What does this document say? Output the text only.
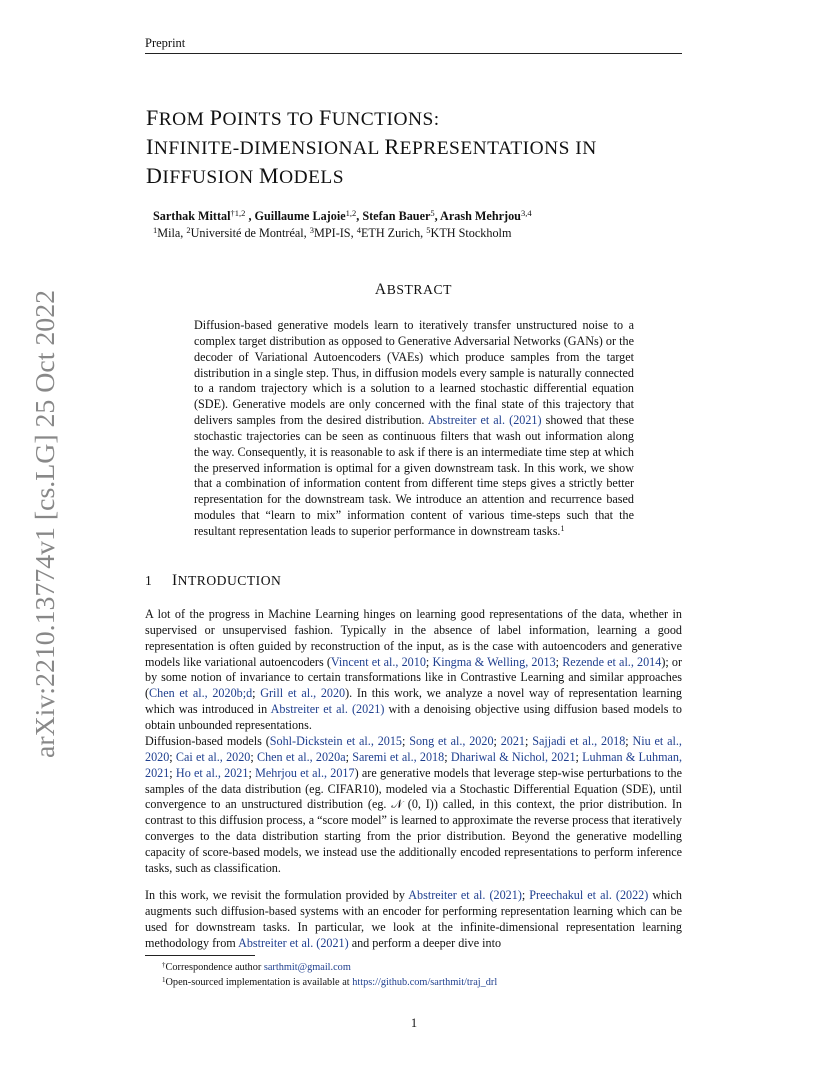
Preprint
arXiv:2210.13774v1 [cs.LG] 25 Oct 2022
FROM POINTS TO FUNCTIONS:
INFINITE-DIMENSIONAL REPRESENTATIONS IN
DIFFUSION MODELS
Sarthak Mittal$^{\dagger 1,2}$ , Guillaume Lajoie$^{1,2}$, Stefan Bauer$^5$, Arash Mehrjou$^{3,4}$
$^1$Mila, $^2$Université de Montréal, $^3$MPI-IS, $^4$ETH Zurich, $^5$KTH Stockholm
ABSTRACT
Diffusion-based generative models learn to iteratively transfer unstructured noise to a complex target distribution as opposed to Generative Adversarial Networks (GANs) or the decoder of Variational Autoencoders (VAEs) which produce samples from the target distribution in a single step. Thus, in diffusion models every sample is naturally connected to a random trajectory which is a solution to a learned stochastic differential equation (SDE). Generative models are only concerned with the final state of this trajectory that delivers samples from the desired distribution. Abstreiter et al. (2021) showed that these stochastic trajectories can be seen as continuous filters that wash out information along the way. Consequently, it is reasonable to ask if there is an intermediate time step at which the preserved information is optimal for a given downstream task. In this work, we show that a combination of information content from different time steps gives a strictly better representation for the downstream task. We introduce an attention and recurrence based modules that “learn to mix” information content of various time-steps such that the resultant representation leads to superior performance in downstream tasks.$^1$
1 INTRODUCTION
A lot of the progress in Machine Learning hinges on learning good representations of the data, whether in supervised or unsupervised fashion. Typically in the absence of label information, learning a good representation is often guided by reconstruction of the input, as is the case with autoencoders and generative models like variational autoencoders (Vincent et al., 2010; Kingma & Welling, 2013; Rezende et al., 2014); or by some notion of invariance to certain transformations like in Contrastive Learning and similar approaches (Chen et al., 2020b;d; Grill et al., 2020). In this work, we analyze a novel way of representation learning which was introduced in Abstreiter et al. (2021) with a denoising objective using diffusion based models to obtain unbounded representations.
Diffusion-based models (Sohl-Dickstein et al., 2015; Song et al., 2020; 2021; Sajjadi et al., 2018; Niu et al., 2020; Cai et al., 2020; Chen et al., 2020a; Saremi et al., 2018; Dhariwal & Nichol, 2021; Luhman & Luhman, 2021; Ho et al., 2021; Mehrjou et al., 2017) are generative models that leverage step-wise perturbations to the samples of the data distribution (eg. CIFAR10), modeled via a Stochastic Differential Equation (SDE), until convergence to an unstructured distribution (eg. 𝒩 (0, I)) called, in this context, the prior distribution. In contrast to this diffusion process, a “score model” is learned to approximate the reverse process that iteratively converges to the data distribution starting from the prior distribution. Beyond the generative modelling capacity of score-based models, we instead use the additionally encoded representations to perform inference tasks, such as classification.
In this work, we revisit the formulation provided by Abstreiter et al. (2021); Preechakul et al. (2022) which augments such diffusion-based systems with an encoder for performing representation learning which can be used for downstream tasks. In particular, we look at the infinite-dimensional representation learning methodology from Abstreiter et al. (2021) and perform a deeper dive into
†Correspondence author sarthmit@gmail.com
$^1$Open-sourced implementation is available at https://github.com/sarthmit/traj_drl
1
